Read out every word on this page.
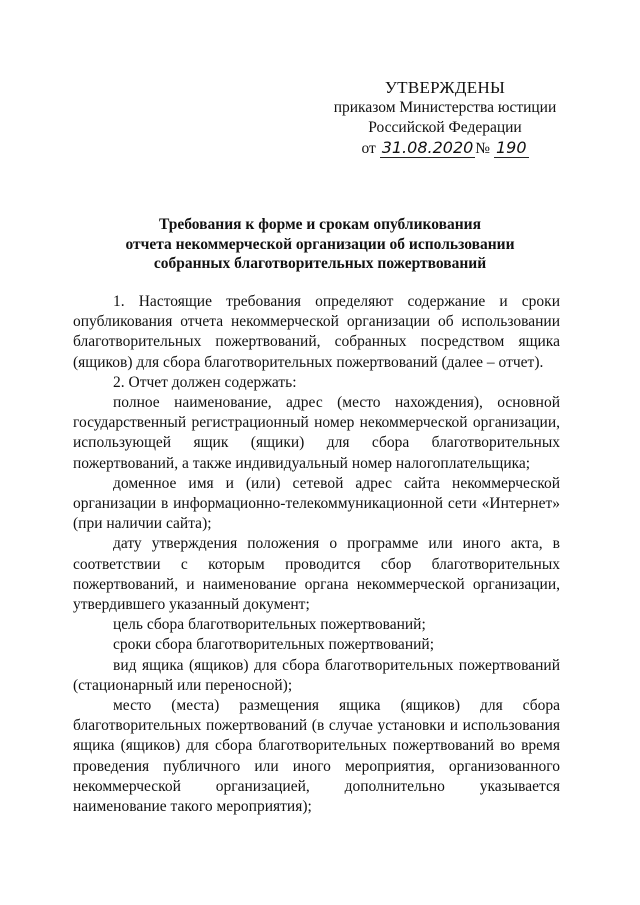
УТВЕРЖДЕНЫ
приказом Министерства юстиции
Российской Федерации
от 31.08.2020 № 190
Требования к форме и срокам опубликования
отчета некоммерческой организации об использовании
собранных благотворительных пожертвований

1. Настоящие требования определяют содержание и сроки опубликования отчета некоммерческой организации об использовании благотворительных пожертвований, собранных посредством ящика (ящиков) для сбора благотворительных пожертвований (далее – отчет).

2. Отчет должен содержать:

полное наименование, адрес (место нахождения), основной государственный регистрационный номер некоммерческой организации, использующей ящик (ящики) для сбора благотворительных пожертвований, а также индивидуальный номер налогоплательщика;

доменное имя и (или) сетевой адрес сайта некоммерческой организации в информационно-телекоммуникационной сети «Интернет» (при наличии сайта);

дату утверждения положения о программе или иного акта, в соответствии с которым проводится сбор благотворительных пожертвований, и наименование органа некоммерческой организации, утвердившего указанный документ;

цель сбора благотворительных пожертвований;

сроки сбора благотворительных пожертвований;

вид ящика (ящиков) для сбора благотворительных пожертвований (стационарный или переносной);

место (места) размещения ящика (ящиков) для сбора благотворительных пожертвований (в случае установки и использования ящика (ящиков) для сбора благотворительных пожертвований во время проведения публичного или иного мероприятия, организованного некоммерческой организацией, дополнительно указывается наименование такого мероприятия);
